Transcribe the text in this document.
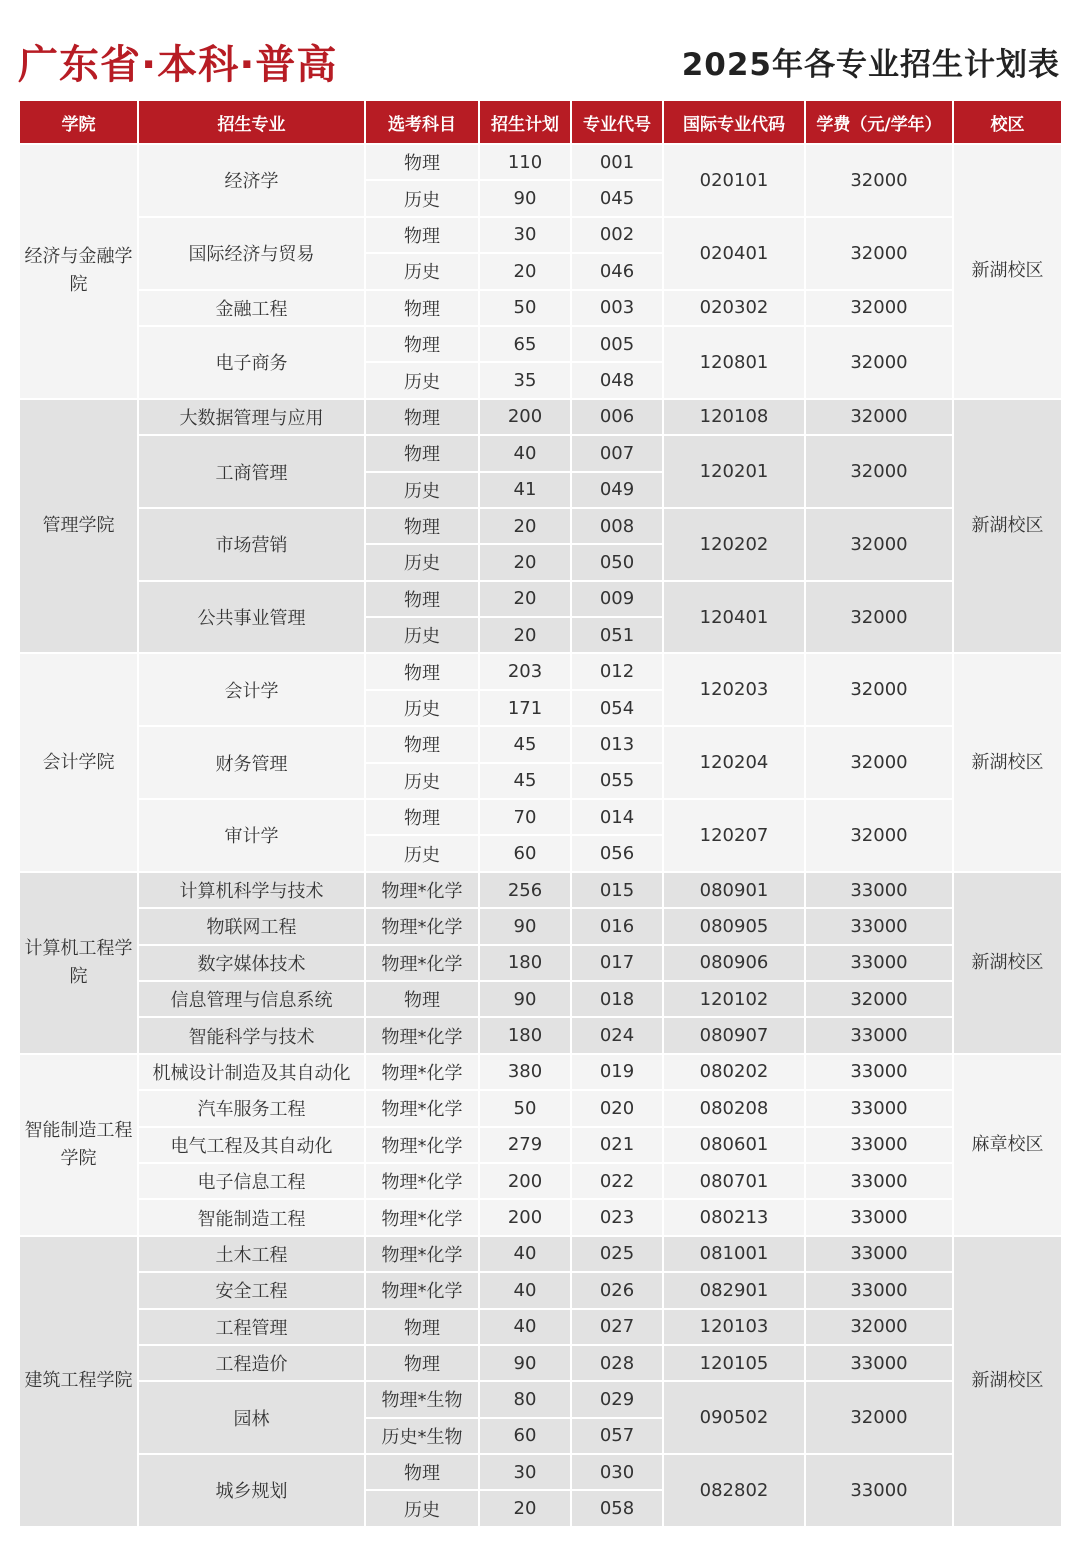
广东省·本科·普高	2025年各专业招生计划表
学院	招生专业	选考科目	招生计划	专业代号	国际专业代码	学费（元/学年）	校区
经济与金融学院	经济学	物理	110	001	020101	32000	新湖校区
		历史	90	045			
	国际经济与贸易	物理	30	002	020401	32000	
		历史	20	046			
	金融工程	物理	50	003	020302	32000	
	电子商务	物理	65	005	120801	32000	
		历史	35	048			
管理学院	大数据管理与应用	物理	200	006	120108	32000	新湖校区
	工商管理	物理	40	007	120201	32000	
		历史	41	049			
	市场营销	物理	20	008	120202	32000	
		历史	20	050			
	公共事业管理	物理	20	009	120401	32000	
		历史	20	051			
会计学院	会计学	物理	203	012	120203	32000	新湖校区
		历史	171	054			
	财务管理	物理	45	013	120204	32000	
		历史	45	055			
	审计学	物理	70	014	120207	32000	
		历史	60	056			
计算机工程学院	计算机科学与技术	物理*化学	256	015	080901	33000	新湖校区
	物联网工程	物理*化学	90	016	080905	33000	
	数字媒体技术	物理*化学	180	017	080906	33000	
	信息管理与信息系统	物理	90	018	120102	32000	
	智能科学与技术	物理*化学	180	024	080907	33000	
智能制造工程学院	机械设计制造及其自动化	物理*化学	380	019	080202	33000	麻章校区
	汽车服务工程	物理*化学	50	020	080208	33000	
	电气工程及其自动化	物理*化学	279	021	080601	33000	
	电子信息工程	物理*化学	200	022	080701	33000	
	智能制造工程	物理*化学	200	023	080213	33000	
建筑工程学院	土木工程	物理*化学	40	025	081001	33000	新湖校区
	安全工程	物理*化学	40	026	082901	33000	
	工程管理	物理	40	027	120103	32000	
	工程造价	物理	90	028	120105	33000	
	园林	物理*生物	80	029	090502	32000	
		历史*生物	60	057			
	城乡规划	物理	30	030	082802	33000	
		历史	20	058			
